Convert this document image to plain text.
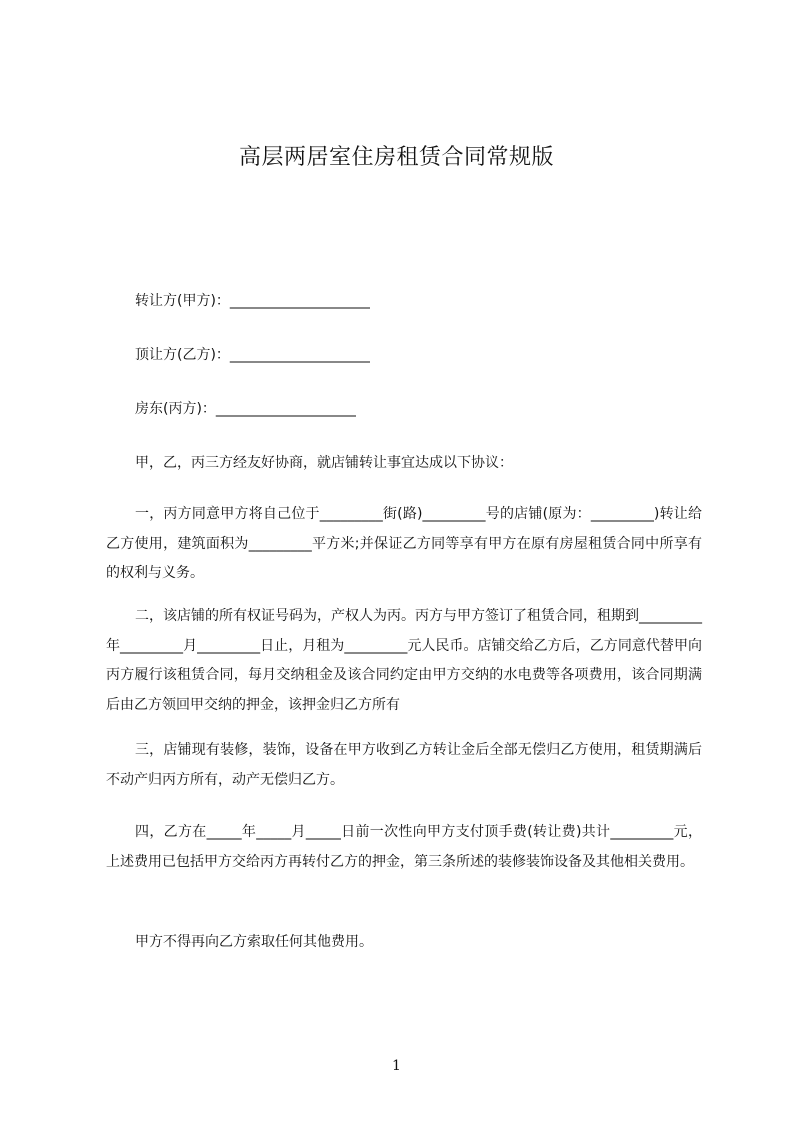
高层两居室住房租赁合同常规版
转让方(甲方)：____________________
顶让方(乙方)：____________________
房东(丙方)：____________________
甲，乙，丙三方经友好协商，就店铺转让事宜达成以下协议：
一，丙方同意甲方将自己位于_________街(路)_________号的店铺(原为：_________)转让给乙方使用，建筑面积为_________平方米;并保证乙方同等享有甲方在原有房屋租赁合同中所享有的权利与义务。
二，该店铺的所有权证号码为，产权人为丙。丙方与甲方签订了租赁合同，租期到_________年_________月_________日止，月租为_________元人民币。店铺交给乙方后，乙方同意代替甲向丙方履行该租赁合同，每月交纳租金及该合同约定由甲方交纳的水电费等各项费用，该合同期满后由乙方领回甲交纳的押金，该押金归乙方所有
三，店铺现有装修，装饰，设备在甲方收到乙方转让金后全部无偿归乙方使用，租赁期满后不动产归丙方所有，动产无偿归乙方。
四，乙方在_____年_____月_____日前一次性向甲方支付顶手费(转让费)共计_________元，上述费用已包括甲方交给丙方再转付乙方的押金，第三条所述的装修装饰设备及其他相关费用。
甲方不得再向乙方索取任何其他费用。
1
